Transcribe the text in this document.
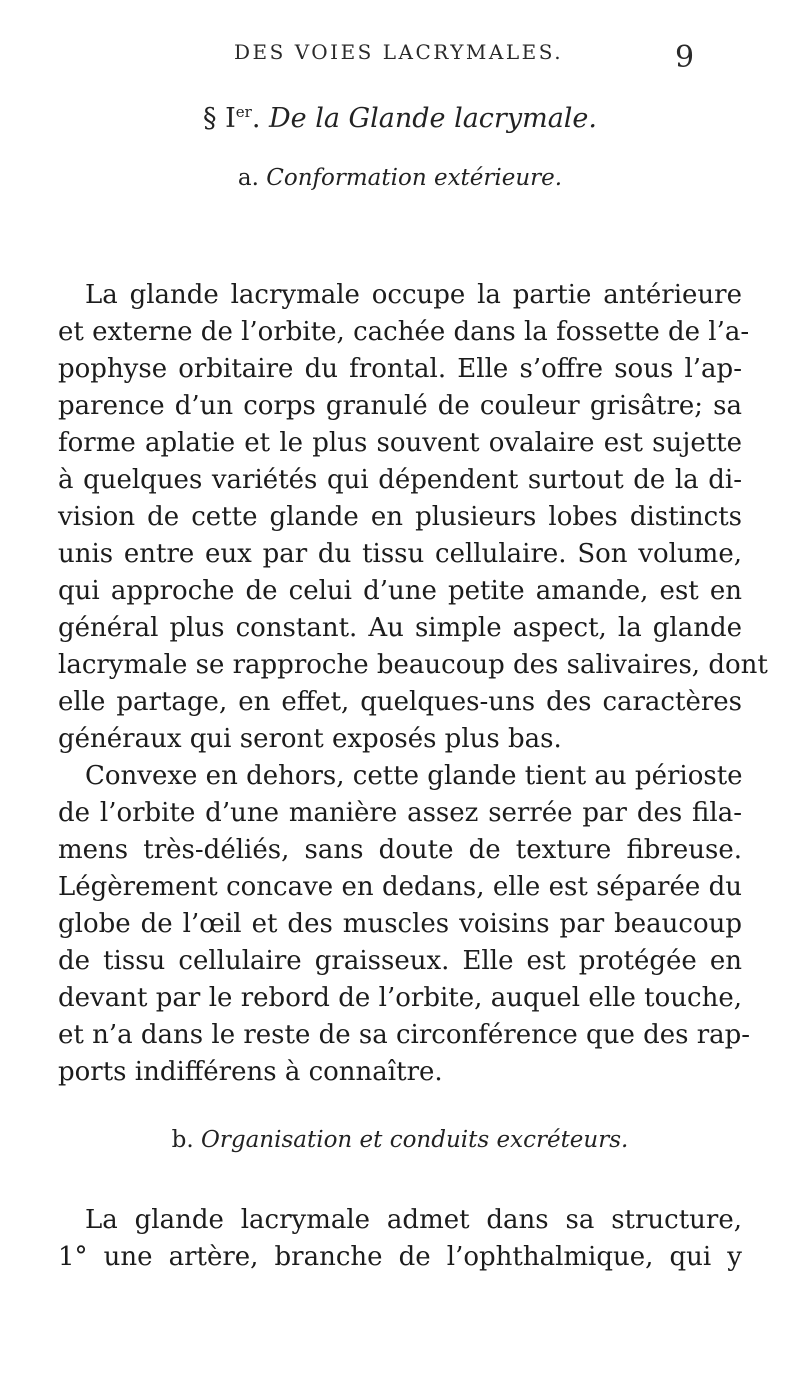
DES VOIES LACRYMALES.	9
§ Ier. De la Glande lacrymale.
a. Conformation extérieure.
La glande lacrymale occupe la partie antérieure
et externe de l’orbite, cachée dans la fossette de l’a-
pophyse orbitaire du frontal. Elle s’offre sous l’ap-
parence d’un corps granulé de couleur grisâtre; sa
forme aplatie et le plus souvent ovalaire est sujette
à quelques variétés qui dépendent surtout de la di-
vision de cette glande en plusieurs lobes distincts
unis entre eux par du tissu cellulaire. Son volume,
qui approche de celui d’une petite amande, est en
général plus constant. Au simple aspect, la glande
lacrymale se rapproche beaucoup des salivaires, dont
elle partage, en effet, quelques-uns des caractères
généraux qui seront exposés plus bas.
Convexe en dehors, cette glande tient au périoste
de l’orbite d’une manière assez serrée par des fila-
mens très-déliés, sans doute de texture fibreuse.
Légèrement concave en dedans, elle est séparée du
globe de l’œil et des muscles voisins par beaucoup
de tissu cellulaire graisseux. Elle est protégée en
devant par le rebord de l’orbite, auquel elle touche,
et n’a dans le reste de sa circonférence que des rap-
ports indifférens à connaître.
b. Organisation et conduits excréteurs.
La glande lacrymale admet dans sa structure,
1° une artère, branche de l’ophthalmique, qui y
